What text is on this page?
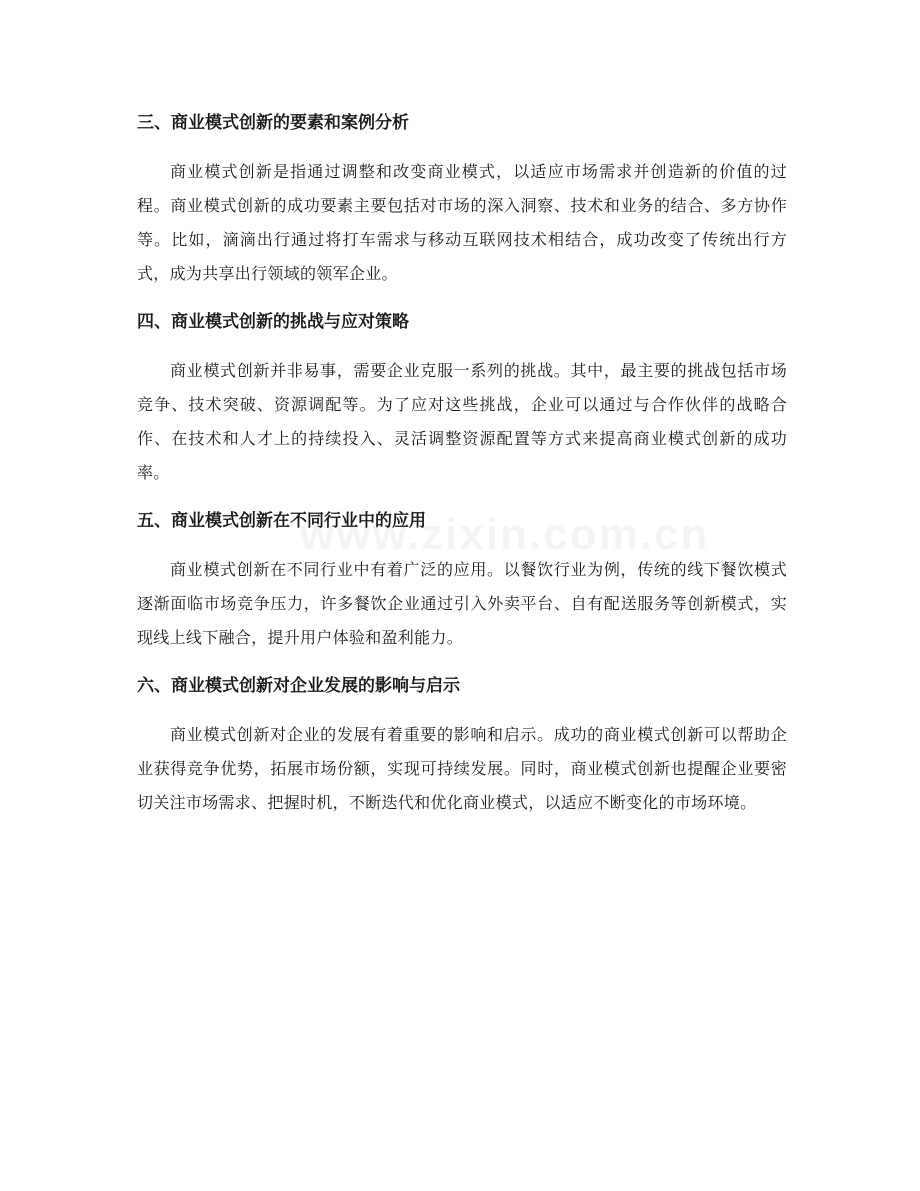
三、商业模式创新的要素和案例分析

商业模式创新是指通过调整和改变商业模式，以适应市场需求并创造新的价值的过程。商业模式创新的成功要素主要包括对市场的深入洞察、技术和业务的结合、多方协作等。比如，滴滴出行通过将打车需求与移动互联网技术相结合，成功改变了传统出行方式，成为共享出行领域的领军企业。

四、商业模式创新的挑战与应对策略

商业模式创新并非易事，需要企业克服一系列的挑战。其中，最主要的挑战包括市场竞争、技术突破、资源调配等。为了应对这些挑战，企业可以通过与合作伙伴的战略合作、在技术和人才上的持续投入、灵活调整资源配置等方式来提高商业模式创新的成功率。

五、商业模式创新在不同行业中的应用

商业模式创新在不同行业中有着广泛的应用。以餐饮行业为例，传统的线下餐饮模式逐渐面临市场竞争压力，许多餐饮企业通过引入外卖平台、自有配送服务等创新模式，实现线上线下融合，提升用户体验和盈利能力。

六、商业模式创新对企业发展的影响与启示

商业模式创新对企业的发展有着重要的影响和启示。成功的商业模式创新可以帮助企业获得竞争优势，拓展市场份额，实现可持续发展。同时，商业模式创新也提醒企业要密切关注市场需求、把握时机，不断迭代和优化商业模式，以适应不断变化的市场环境。
